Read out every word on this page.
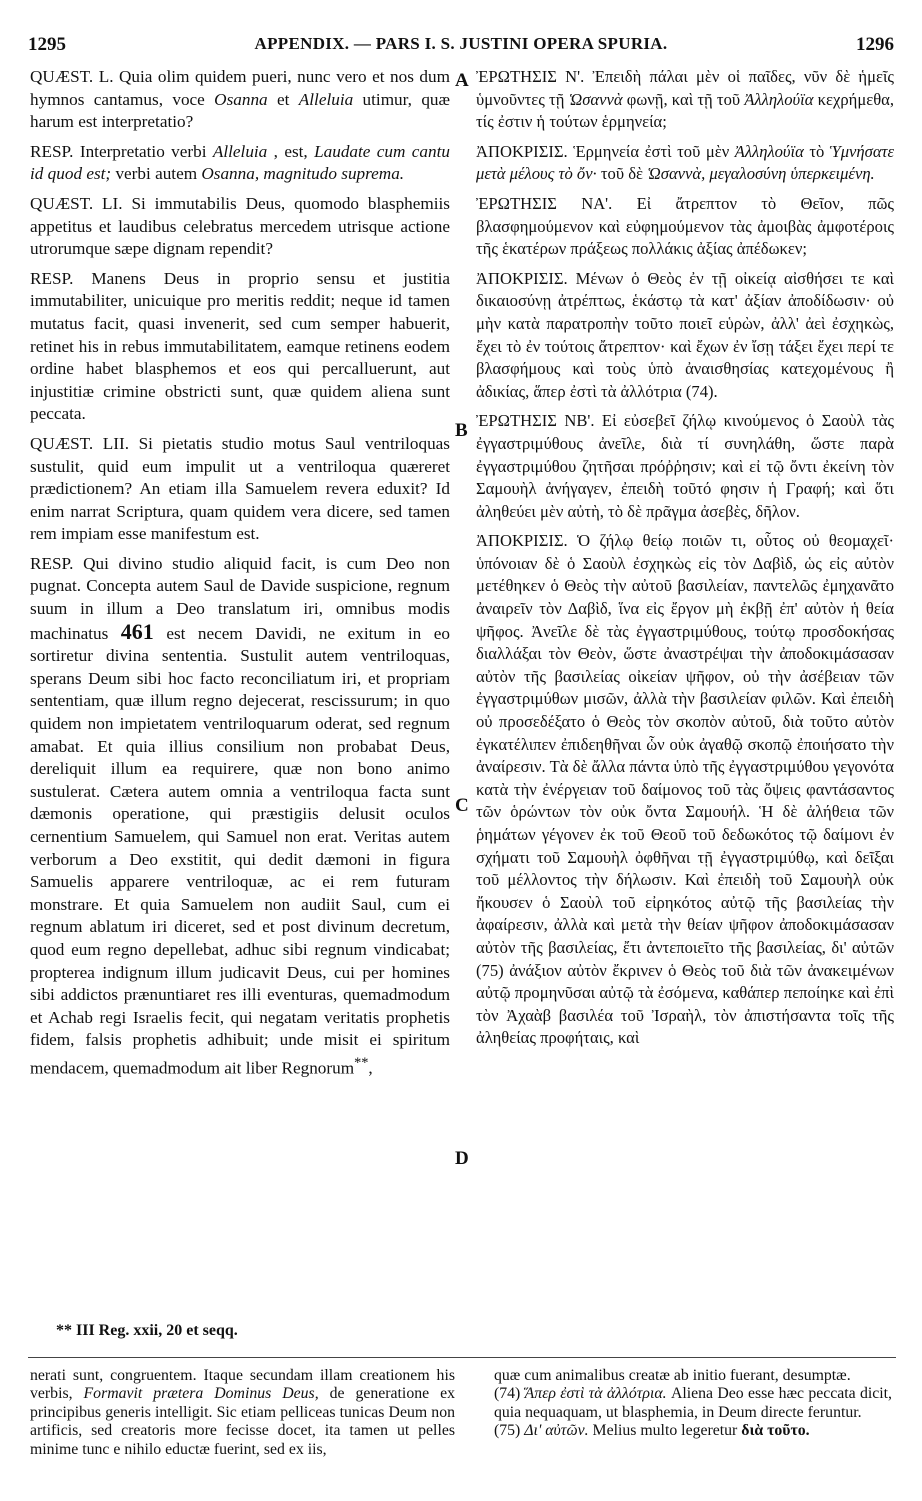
1295	APPENDIX. — PARS I. S. JUSTINI OPERA SPURIA.	1296

QUÆST. L. Quia olim quidem pueri, nunc vero et nos dum hymnos cantamus, voce Osanna et Alleluia utimur, quæ harum est interpretatio?

RESP. Interpretatio verbi Alleluia , est, Laudate cum cantu id quod est; verbi autem Osanna, magnitudo suprema.

QUÆST. LI. Si immutabilis Deus, quomodo blasphemiis appetitus et laudibus celebratus mercedem utrisque actione utrorumque sæpe dignam rependit?

RESP. Manens Deus in proprio sensu et justitia immutabiliter, unicuique pro meritis reddit; neque id tamen mutatus facit, quasi invenerit, sed cum semper habuerit, retinet his in rebus immutabilitatem, eamque retinens eodem ordine habet blasphemos et eos qui percalluerunt, aut injustitiæ crimine obstricti sunt, quæ quidem aliena sunt peccata.

QUÆST. LII. Si pietatis studio motus Saul ventriloquas sustulit, quid eum impulit ut a ventriloqua quæreret prædictionem? An etiam illa Samuelem revera eduxit? Id enim narrat Scriptura, quam quidem vera dicere, sed tamen rem impiam esse manifestum est.

RESP. Qui divino studio aliquid facit, is cum Deo non pugnat. Concepta autem Saul de Davide suspicione, regnum suum in illum a Deo translatum iri, omnibus modis machinatus 461 est necem Davidi, ne exitum in eo sortiretur divina sententia. Sustulit autem ventriloquas, sperans Deum sibi hoc facto reconciliatum iri, et propriam sententiam, quæ illum regno dejecerat, rescissurum; in quo quidem non impietatem ventriloquarum oderat, sed regnum amabat. Et quia illius consilium non probabat Deus, dereliquit illum ea requirere, quæ non bono animo sustulerat. Cætera autem omnia a ventriloqua facta sunt dæmonis operatione, qui præstigiis delusit oculos cernentium Samuelem, qui Samuel non erat. Veritas autem verborum a Deo exstitit, qui dedit dæmoni in figura Samuelis apparere ventriloquæ, ac ei rem futuram monstrare. Et quia Samuelem non audiit Saul, cum ei regnum ablatum iri diceret, sed et post divinum decretum, quod eum regno depellebat, adhuc sibi regnum vindicabat; propterea indignum illum judicavit Deus, cui per homines sibi addictos prænuntiaret res illi eventuras, quemadmodum et Achab regi Israelis fecit, qui negatam veritatis prophetis fidem, falsis prophetis adhibuit; unde misit ei spiritum mendacem, quemadmodum ait liber Regnorum**,

ἘΡΩΤΗΣΙΣ Ν'. Ἐπειδὴ πάλαι μὲν οἱ παῖδες, νῦν δὲ ἡμεῖς ὑμνοῦντες τῇ Ὡσαννὰ φωνῇ, καὶ τῇ τοῦ Ἀλληλούϊα κεχρήμεθα, τίς ἐστιν ἡ τούτων ἑρμηνεία;

ἈΠΟΚΡΙΣΙΣ. Ἑρμηνεία ἐστὶ τοῦ μὲν Ἀλληλούϊα τὸ Ὑμνήσατε μετὰ μέλους τὸ ὄν· τοῦ δὲ Ὡσαννὰ, μεγαλοσύνη ὑπερκειμένη.

ἘΡΩΤΗΣΙΣ ΝΑ'. Εἰ ἄτρεπτον τὸ Θεῖον, πῶς βλασφημούμενον καὶ εὐφημούμενον τὰς ἀμοιβὰς ἀμφοτέροις τῆς ἑκατέρων πράξεως πολλάκις ἀξίας ἀπέδωκεν;

ἈΠΟΚΡΙΣΙΣ. Μένων ὁ Θεὸς ἐν τῇ οἰκείᾳ αἰσθήσει τε καὶ δικαιοσύνῃ ἀτρέπτως, ἑκάστῳ τὰ κατ' ἀξίαν ἀποδίδωσιν· οὐ μὴν κατὰ παρατροπὴν τοῦτο ποιεῖ εὑρὼν, ἀλλ' ἀεὶ ἐσχηκὼς, ἔχει τὸ ἐν τούτοις ἄτρεπτον· καὶ ἔχων ἐν ἴσῃ τάξει ἔχει περί τε βλασφήμους καὶ τοὺς ὑπὸ ἀναισθησίας κατεχομένους ἢ ἀδικίας, ἅπερ ἐστὶ τὰ ἀλλότρια (74).

ἘΡΩΤΗΣΙΣ ΝΒ'. Εἰ εὐσεβεῖ ζήλῳ κινούμενος ὁ Σαοὺλ τὰς ἐγγαστριμύθους ἀνεῖλε, διὰ τί συνηλάθη, ὥστε παρὰ ἐγγαστριμύθου ζητῆσαι πρόῤῥησιν; καὶ εἰ τῷ ὄντι ἐκείνη τὸν Σαμουὴλ ἀνήγαγεν, ἐπειδὴ τοῦτό φησιν ἡ Γραφή; καὶ ὅτι ἀληθεύει μὲν αὐτὴ, τὸ δὲ πρᾶγμα ἀσεβὲς, δῆλον.

ἈΠΟΚΡΙΣΙΣ. Ὁ ζήλῳ θείῳ ποιῶν τι, οὗτος οὐ θεομαχεῖ· ὑπόνοιαν δὲ ὁ Σαοὺλ ἐσχηκὼς εἰς τὸν Δαβὶδ, ὡς εἰς αὐτὸν μετέθηκεν ὁ Θεὸς τὴν αὐτοῦ βασιλείαν, παντελῶς ἐμηχανᾶτο ἀναιρεῖν τὸν Δαβὶδ, ἵνα εἰς ἔργον μὴ ἐκβῇ ἐπ' αὐτὸν ἡ θεία ψῆφος. Ἀνεῖλε δὲ τὰς ἐγγαστριμύθους, τούτῳ προσδοκήσας διαλλάξαι τὸν Θεὸν, ὥστε ἀναστρέψαι τὴν ἀποδοκιμάσασαν αὐτὸν τῆς βασιλείας οἰκείαν ψῆφον, οὐ τὴν ἀσέβειαν τῶν ἐγγαστριμύθων μισῶν, ἀλλὰ τὴν βασιλείαν φιλῶν. Καὶ ἐπειδὴ οὐ προσεδέξατο ὁ Θεὸς τὸν σκοπὸν αὐτοῦ, διὰ τοῦτο αὐτὸν ἐγκατέλιπεν ἐπιδεηθῆναι ὧν οὐκ ἀγαθῷ σκοπῷ ἐποιήσατο τὴν ἀναίρεσιν. Τὰ δὲ ἄλλα πάντα ὑπὸ τῆς ἐγγαστριμύθου γεγονότα κατὰ τὴν ἐνέργειαν τοῦ δαίμονος τοῦ τὰς ὄψεις φαντάσαντος τῶν ὁρώντων τὸν οὐκ ὄντα Σαμουήλ. Ἡ δὲ ἀλήθεια τῶν ῥημάτων γέγονεν ἐκ τοῦ Θεοῦ τοῦ δεδωκότος τῷ δαίμονι ἐν σχήματι τοῦ Σαμουὴλ ὀφθῆναι τῇ ἐγγαστριμύθῳ, καὶ δεῖξαι τοῦ μέλλοντος τὴν δήλωσιν. Καὶ ἐπειδὴ τοῦ Σαμουὴλ οὐκ ἤκουσεν ὁ Σαοὺλ τοῦ εἰρηκότος αὐτῷ τῆς βασιλείας τὴν ἀφαίρεσιν, ἀλλὰ καὶ μετὰ τὴν θείαν ψῆφον ἀποδοκιμάσασαν αὐτὸν τῆς βασιλείας, ἔτι ἀντεποιεῖτο τῆς βασιλείας, δι' αὐτῶν (75) ἀνάξιον αὐτὸν ἔκρινεν ὁ Θεὸς τοῦ διὰ τῶν ἀνακειμένων αὐτῷ προμηνῦσαι αὐτῷ τὰ ἐσόμενα, καθάπερ πεποίηκε καὶ ἐπὶ τὸν Ἀχαὰβ βασιλέα τοῦ Ἰσραὴλ, τὸν ἀπιστήσαντα τοῖς τῆς ἀληθείας προφήταις, καὶ

A
B
C
D
** III Reg. xxii, 20 et seqq.

nerati sunt, congruentem. Itaque secundam illam creationem his verbis, Formavit prætera Dominus Deus, de generatione ex principibus generis intelligit. Sic etiam pelliceas tunicas Deum non artificis, sed creatoris more fecisse docet, ita tamen ut pelles minime tunc e nihilo eductæ fuerint, sed ex iis,

quæ cum animalibus creatæ ab initio fuerant, desumptæ.

(74) Ἅπερ ἐστὶ τὰ ἀλλότρια. Aliena Deo esse hæc peccata dicit, quia nequaquam, ut blasphemia, in Deum directe feruntur.

(75) Δι' αὐτῶν. Melius multo legeretur διὰ τοῦτο.
